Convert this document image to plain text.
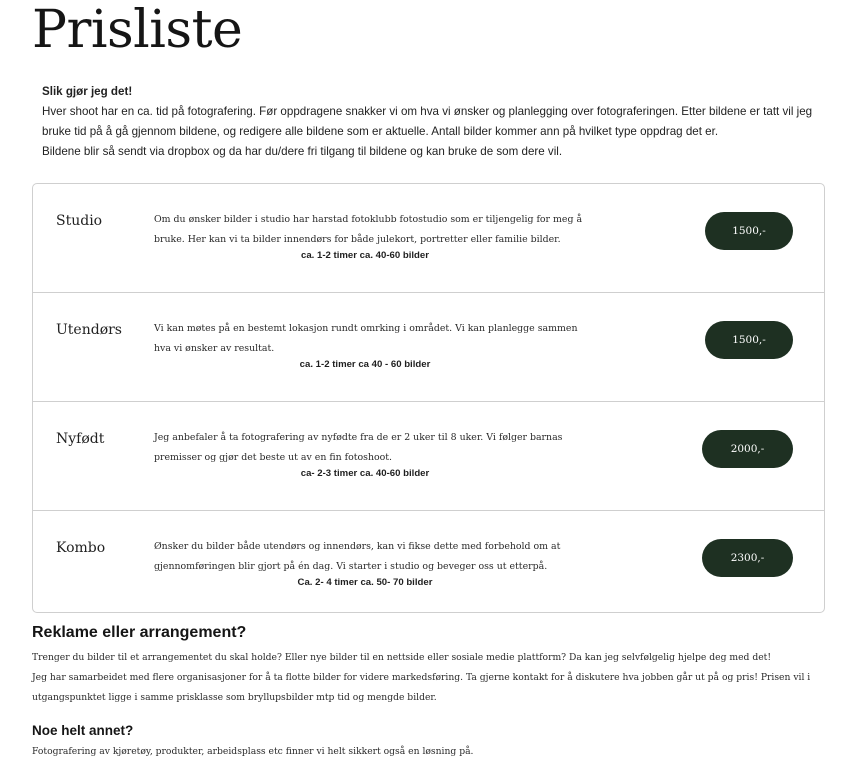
Prisliste

Slik gjør jeg det!

Hver shoot har en ca. tid på fotografering. Før oppdragene snakker vi om hva vi ønsker og planlegging over fotograferingen. Etter bildene er tatt vil jeg bruke tid på å gå gjennom bildene, og redigere alle bildene som er aktuelle. Antall bilder kommer ann på hvilket type oppdrag det er.

Bildene blir så sendt via dropbox og da har du/dere fri tilgang til bildene og kan bruke de som dere vil.

Studio	Om du ønsker bilder i studio har harstad fotoklubb fotostudio som er tiljengelig for meg å bruke. Her kan vi ta bilder innendørs for både julekort, portretter eller familie bilder.
ca. 1-2 timer ca. 40-60 bilder
1500,-
Utendørs	Vi kan møtes på en bestemt lokasjon rundt omrking i området. Vi kan planlegge sammen hva vi ønsker av resultat.
ca. 1-2 timer ca 40 - 60 bilder
1500,-
Nyfødt	Jeg anbefaler å ta fotografering av nyfødte fra de er 2 uker til 8 uker. Vi følger barnas premisser og gjør det beste ut av en fin fotoshoot.
ca- 2-3 timer ca. 40-60 bilder
2000,-
Kombo	Ønsker du bilder både utendørs og innendørs, kan vi fikse dette med forbehold om at gjennomføringen blir gjort på én dag. Vi starter i studio og beveger oss ut etterpå.
Ca. 2- 4 timer ca. 50- 70 bilder
2300,-
Reklame eller arrangement?

Trenger du bilder til et arrangementet du skal holde? Eller nye bilder til en nettside eller sosiale medie plattform? Da kan jeg selvfølgelig hjelpe deg med det!

Jeg har samarbeidet med flere organisasjoner for å ta flotte bilder for videre markedsføring. Ta gjerne kontakt for å diskutere hva jobben går ut på og pris! Prisen vil i utgangspunktet ligge i samme prisklasse som bryllupsbilder mtp tid og mengde bilder.

Noe helt annet?

Fotografering av kjøretøy, produkter, arbeidsplass etc finner vi helt sikkert også en løsning på.
